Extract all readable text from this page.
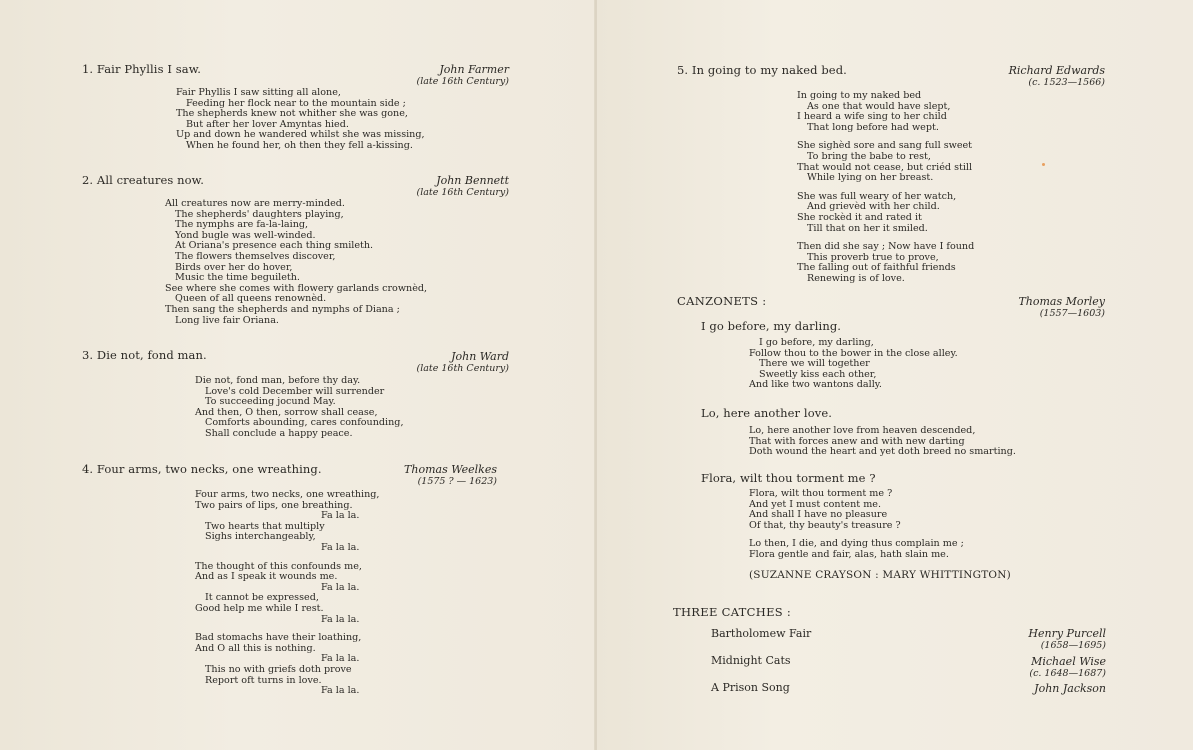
1. Fair Phyllis I saw.	John Farmer
(late 16th Century)
Fair Phyllis I saw sitting all alone,
Feeding her flock near to the mountain side ;
The shepherds knew not whither she was gone,
But after her lover Amyntas hied.
Up and down he wandered whilst she was missing,
When he found her, oh then they fell a-kissing.
2. All creatures now.	John Bennett
(late 16th Century)
All creatures now are merry-minded.
The shepherds' daughters playing,
The nymphs are fa-la-laing,
Yond bugle was well-winded.
At Oriana's presence each thing smileth.
The flowers themselves discover,
Birds over her do hover,
Music the time beguileth.
See where she comes with flowery garlands crownèd,
Queen of all queens renownèd.
Then sang the shepherds and nymphs of Diana ;
Long live fair Oriana.
3. Die not, fond man.	John Ward
(late 16th Century)
Die not, fond man, before thy day.
Love's cold December will surrender
To succeeding jocund May.
And then, O then, sorrow shall cease,
Comforts abounding, cares confounding,
Shall conclude a happy peace.
4. Four arms, two necks, one wreathing.	Thomas Weelkes
(1575 ? — 1623)
Four arms, two necks, one wreathing,
Two pairs of lips, one breathing.
Fa la la.
Two hearts that multiply
Sighs interchangeably,
Fa la la.
The thought of this confounds me,
And as I speak it wounds me.
Fa la la.
It cannot be expressed,
Good help me while I rest.
Fa la la.
Bad stomachs have their loathing,
And O all this is nothing.
Fa la la.
This no with griefs doth prove
Report oft turns in love.
Fa la la.
5. In going to my naked bed.	Richard Edwards
(c. 1523—1566)
In going to my naked bed
As one that would have slept,
I heard a wife sing to her child
That long before had wept.
She sighèd sore and sang full sweet
To bring the babe to rest,
That would not cease, but criéd still
While lying on her breast.
She was full weary of her watch,
And grievèd with her child.
She rockèd it and rated it
Till that on her it smiled.
Then did she say ; Now have I found
This proverb true to prove,
The falling out of faithful friends
Renewing is of love.
CANZONETS :	Thomas Morley
(1557—1603)
I go before, my darling.
I go before, my darling,
Follow thou to the bower in the close alley.
There we will together
Sweetly kiss each other,
And like two wantons dally.
Lo, here another love.
Lo, here another love from heaven descended,
That with forces anew and with new darting
Doth wound the heart and yet doth breed no smarting.
Flora, wilt thou torment me ?
Flora, wilt thou torment me ?
And yet I must content me.
And shall I have no pleasure
Of that, thy beauty's treasure ?
Lo then, I die, and dying thus complain me ;
Flora gentle and fair, alas, hath slain me.
(SUZANNE CRAYSON : MARY WHITTINGTON)
THREE CATCHES :
Bartholomew Fair	Henry Purcell
(1658—1695)
Midnight Cats	Michael Wise
(c. 1648—1687)
A Prison Song	John Jackson
